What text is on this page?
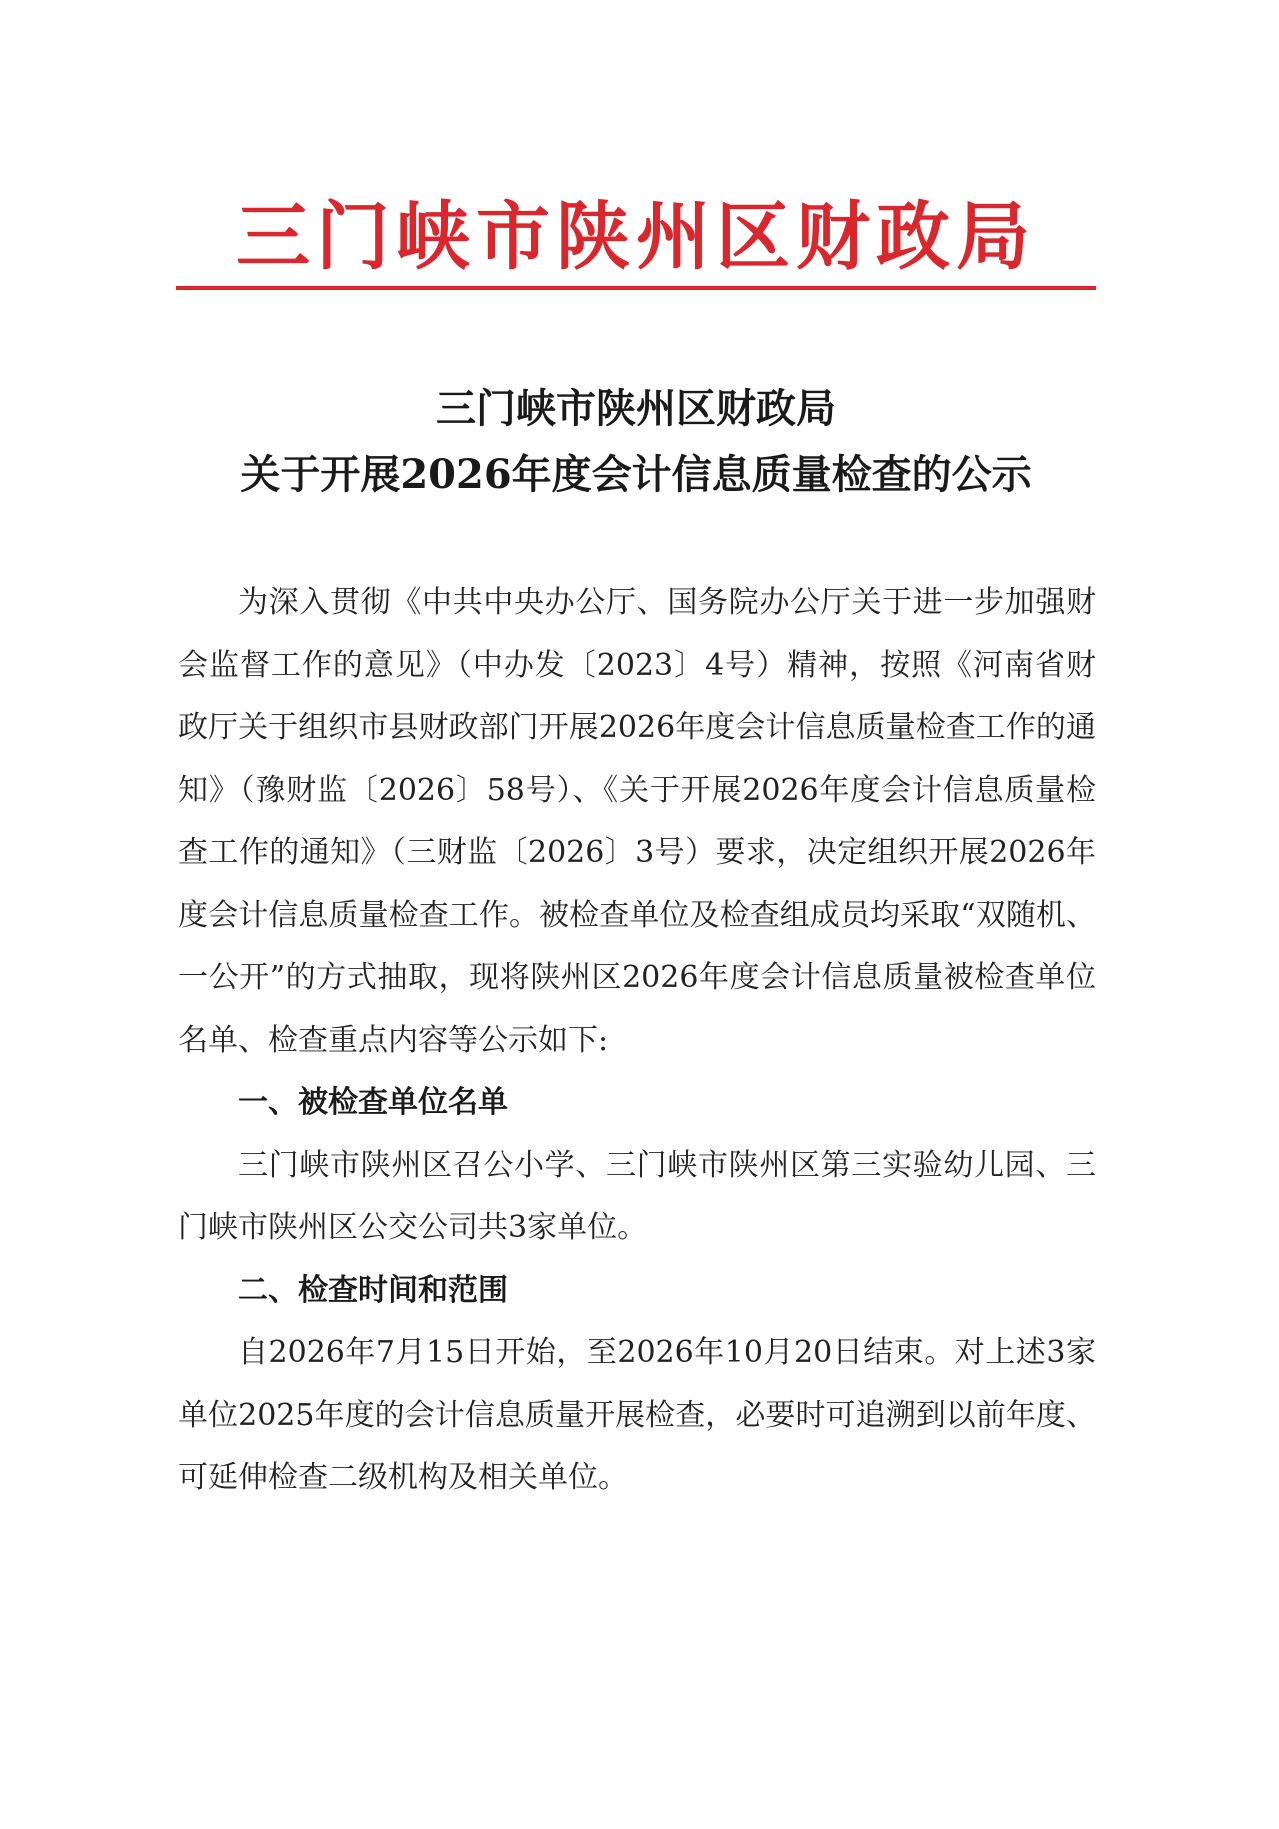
三门峡市陕州区财政局
三门峡市陕州区财政局
关于开展2026年度会计信息质量检查的公示

为深入贯彻《中共中央办公厅、国务院办公厅关于进一步加强财会监督工作的意见》（中办发〔2023〕4号）精神，按照《河南省财政厅关于组织市县财政部门开展2026年度会计信息质量检查工作的通知》（豫财监〔2026〕58号）、《关于开展2026年度会计信息质量检查工作的通知》（三财监〔2026〕3号）要求，决定组织开展2026年度会计信息质量检查工作。被检查单位及检查组成员均采取“双随机、一公开”的方式抽取，现将陕州区2026年度会计信息质量被检查单位名单、检查重点内容等公示如下:

一、被检查单位名单

三门峡市陕州区召公小学、三门峡市陕州区第三实验幼儿园、三门峡市陕州区公交公司共3家单位。

二、检查时间和范围

自2026年7月15日开始，至2026年10月20日结束。对上述3家单位2025年度的会计信息质量开展检查，必要时可追溯到以前年度、可延伸检查二级机构及相关单位。
